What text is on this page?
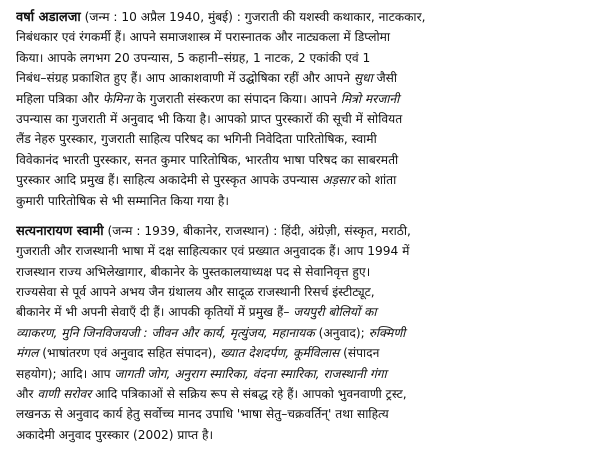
वर्षा अडालजा (जन्म : 10 अप्रैल 1940, मुंबई) : गुजराती की यशस्वी कथाकार, नाटककार,
निबंधकार एवं रंगकर्मी हैं। आपने समाजशास्त्र में परास्नातक और नाट्यकला में डिप्लोमा
किया। आपके लगभग 20 उपन्यास, 5 कहानी–संग्रह, 1 नाटक, 2 एकांकी एवं 1
निबंध–संग्रह प्रकाशित हुए हैं। आप आकाशवाणी में उद्घोषिका रहीं और आपने सुधा जैसी
महिला पत्रिका और फेमिना के गुजराती संस्करण का संपादन किया। आपने मित्रो मरजानी
उपन्यास का गुजराती में अनुवाद भी किया है। आपको प्राप्त पुरस्कारों की सूची में सोवियत
लैंड नेहरु पुरस्कार, गुजराती साहित्य परिषद का भगिनी निवेदिता पारितोषिक, स्वामी
विवेकानंद भारती पुरस्कार, सनत कुमार पारितोषिक, भारतीय भाषा परिषद का साबरमती
पुरस्कार आदि प्रमुख हैं। साहित्य अकादेमी से पुरस्कृत आपके उपन्यास अड़सार को शांता
कुमारी पारितोषिक से भी सम्मानित किया गया है।
सत्यनारायण स्वामी (जन्म : 1939, बीकानेर, राजस्थान) : हिंदी, अंग्रेज़ी, संस्कृत, मराठी,
गुजराती और राजस्थानी भाषा में दक्ष साहित्यकार एवं प्रख्यात अनुवादक हैं। आप 1994 में
राजस्थान राज्य अभिलेखागार, बीकानेर के पुस्तकालयाध्यक्ष पद से सेवानिवृत्त हुए।
राज्यसेवा से पूर्व आपने अभय जैन ग्रंथालय और सादूळ राजस्थानी रिसर्च इंस्टीट्यूट,
बीकानेर में भी अपनी सेवाएँ दी हैं। आपकी कृतियों में प्रमुख हैं– जयपुरी बोलियों का
व्याकरण, मुनि जिनविजयजी : जीवन और कार्य, मृत्युंजय, महानायक (अनुवाद); रुक्मिणी
मंगल (भाषांतरण एवं अनुवाद सहित संपादन), ख्यात देशदर्पण, कूर्मविलास (संपादन
सहयोग); आदि। आप जागती जोग, अनुराग स्मारिका, वंदना स्मारिका, राजस्थानी गंगा
और वाणी सरोवर आदि पत्रिकाओं से सक्रिय रूप से संबद्ध रहे हैं। आपको भुवनवाणी ट्रस्ट,
लखनऊ से अनुवाद कार्य हेतु सर्वोच्च मानद उपाधि 'भाषा सेतु–चक्रवर्तिन्' तथा साहित्य
अकादेमी अनुवाद पुरस्कार (2002) प्राप्त है।
